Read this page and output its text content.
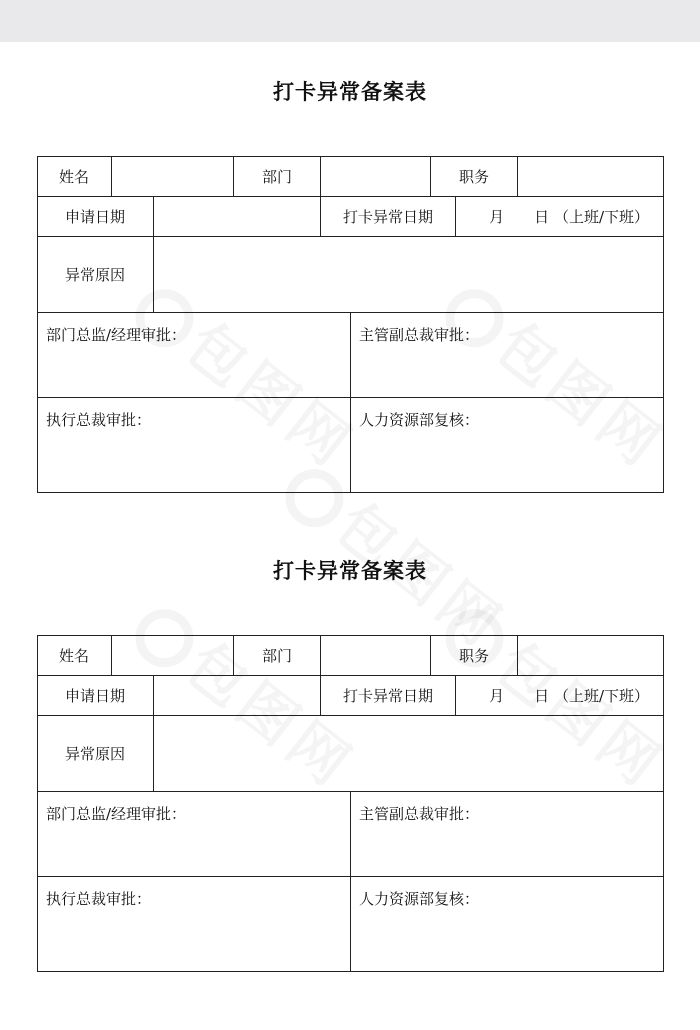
打卡异常备案表
姓名	部门	职务
申请日期	打卡异常日期	月　　日 （上班/下班）
异常原因
部门总监/经理审批：	主管副总裁审批：
执行总裁审批：	人力资源部复核：
打卡异常备案表
姓名	部门	职务
申请日期	打卡异常日期	月　　日 （上班/下班）
异常原因
部门总监/经理审批：	主管副总裁审批：
执行总裁审批：	人力资源部复核：
